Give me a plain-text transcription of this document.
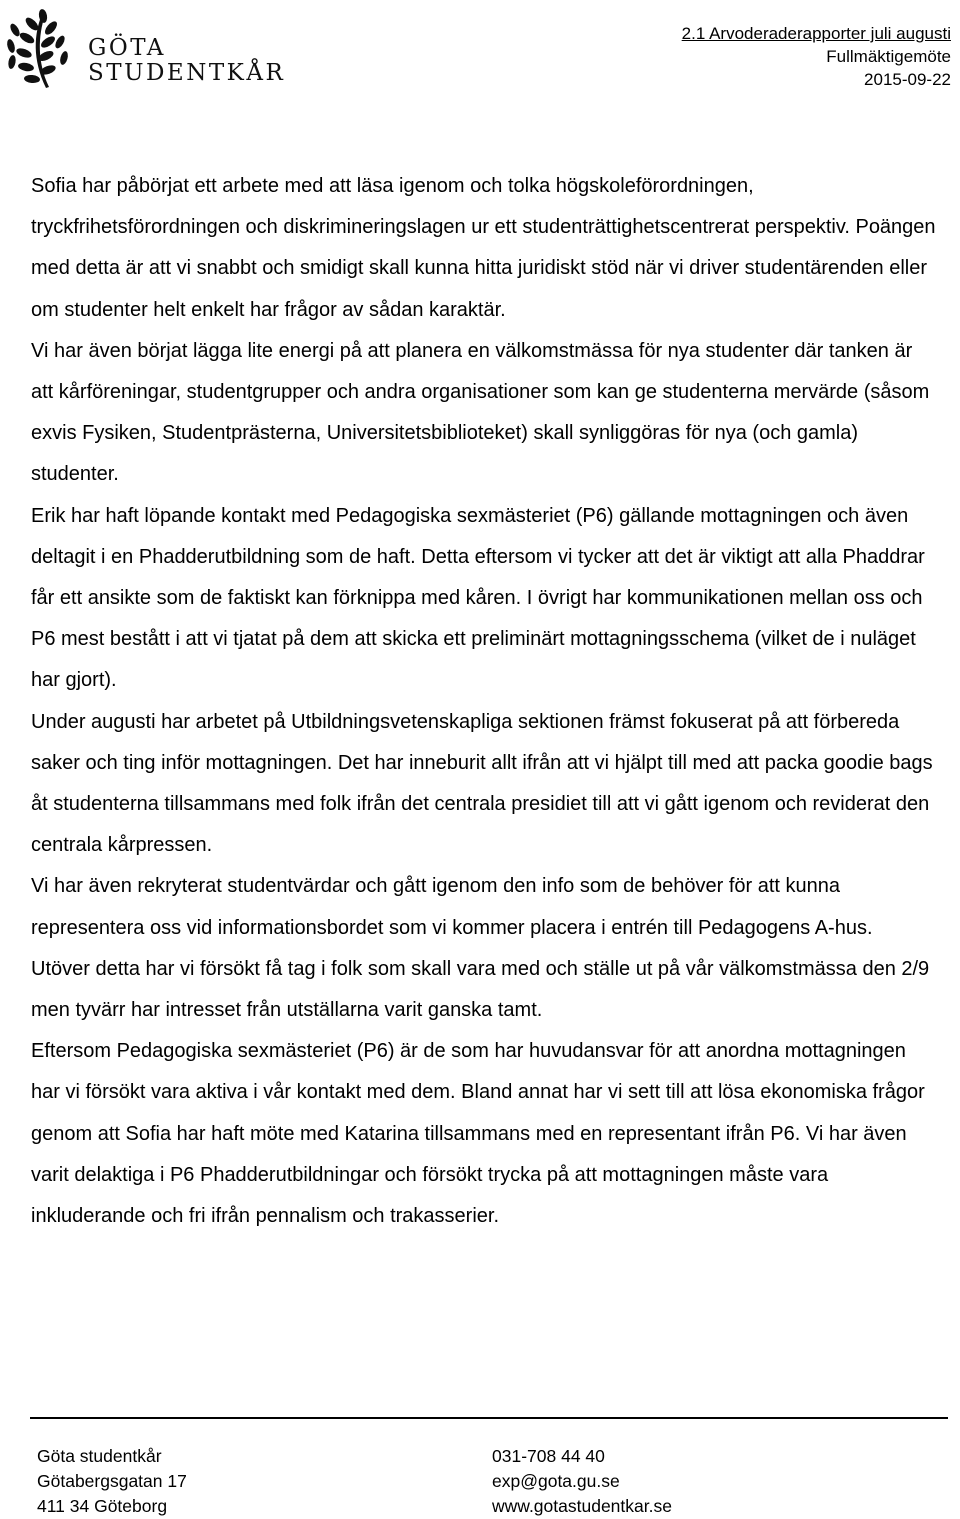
GÖTA
STUDENTKÅR
2.1 Arvoderaderapporter juli augusti
Fullmäktigemöte
2015-09-22

Sofia har påbörjat ett arbete med att läsa igenom och tolka högskoleförordningen, tryckfrihetsförordningen och diskrimineringslagen ur ett studenträttighetscentrerat perspektiv. Poängen med detta är att vi snabbt och smidigt skall kunna hitta juridiskt stöd när vi driver studentärenden eller om studenter helt enkelt har frågor av sådan karaktär.

Vi har även börjat lägga lite energi på att planera en välkomstmässa för nya studenter där tanken är att kårföreningar, studentgrupper och andra organisationer som kan ge studenterna mervärde (såsom exvis Fysiken, Studentprästerna, Universitetsbiblioteket) skall synliggöras för nya (och gamla) studenter.

Erik har haft löpande kontakt med Pedagogiska sexmästeriet (P6) gällande mottagningen och även deltagit i en Phadderutbildning som de haft. Detta eftersom vi tycker att det är viktigt att alla Phaddrar får ett ansikte som de faktiskt kan förknippa med kåren. I övrigt har kommunikationen mellan oss och P6 mest bestått i att vi tjatat på dem att skicka ett preliminärt mottagningsschema (vilket de i nuläget har gjort).

Under augusti har arbetet på Utbildningsvetenskapliga sektionen främst fokuserat på att förbereda saker och ting inför mottagningen. Det har inneburit allt ifrån att vi hjälpt till med att packa goodie bags åt studenterna tillsammans med folk ifrån det centrala presidiet till att vi gått igenom och reviderat den centrala kårpressen.

Vi har även rekryterat studentvärdar och gått igenom den info som de behöver för att kunna representera oss vid informationsbordet som vi kommer placera i entrén till Pedagogens A-hus. Utöver detta har vi försökt få tag i folk som skall vara med och ställe ut på vår välkomstmässa den 2/9 men tyvärr har intresset från utställarna varit ganska tamt.

Eftersom Pedagogiska sexmästeriet (P6) är de som har huvudansvar för att anordna mottagningen har vi försökt vara aktiva i vår kontakt med dem. Bland annat har vi sett till att lösa ekonomiska frågor genom att Sofia har haft möte med Katarina tillsammans med en representant ifrån P6. Vi har även varit delaktiga i P6 Phadderutbildningar och försökt trycka på att mottagningen måste vara inkluderande och fri ifrån pennalism och trakasserier.

Göta studentkår
Götabergsgatan 17
411 34 Göteborg
031-708 44 40
exp@gota.gu.se
www.gotastudentkar.se
